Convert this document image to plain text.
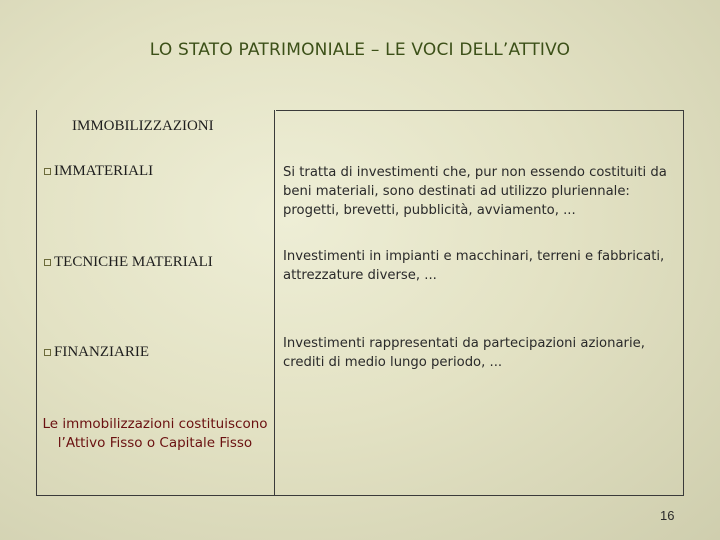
LO STATO PATRIMONIALE – LE VOCI DELL’ATTIVO
IMMOBILIZZAZIONI
IMMATERIALI	Si tratta di investimenti che, pur non essendo costituiti da beni materiali, sono destinati ad utilizzo pluriennale: progetti, brevetti, pubblicità, avviamento, ...
TECNICHE MATERIALI	Investimenti in impianti e macchinari, terreni e fabbricati, attrezzature diverse, ...
FINANZIARIE
Investimenti rappresentati da partecipazioni azionarie, crediti di medio lungo periodo, ...
Le immobilizzazioni costituiscono l’Attivo Fisso o Capitale Fisso
16
